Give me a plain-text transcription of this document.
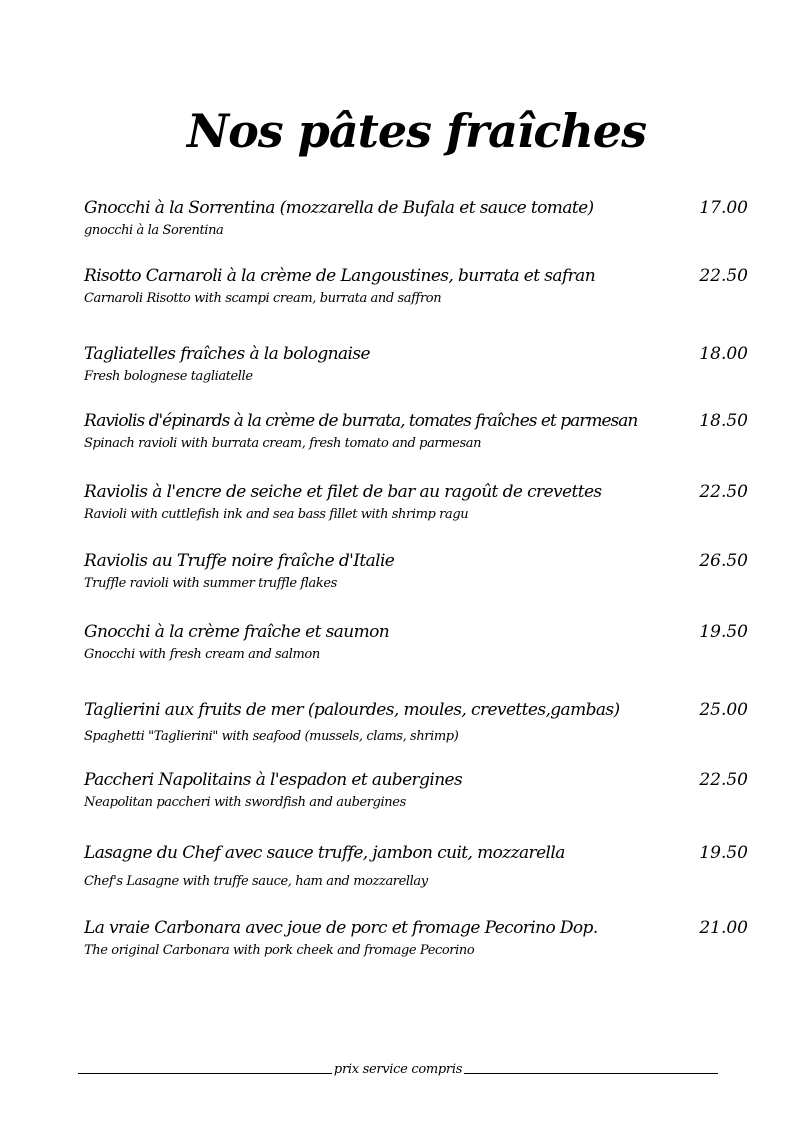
Nos pâtes fraîches
Gnocchi à la Sorrentina (mozzarella de Bufala et sauce tomate)	17.00
gnocchi à la Sorentina
Risotto Carnaroli à la crème de Langoustines, burrata et safran	22.50
Carnaroli Risotto with scampi cream, burrata and saffron
Tagliatelles fraîches à la bolognaise	18.00
Fresh bolognese tagliatelle
Raviolis d'épinards à la crème de burrata, tomates fraîches et parmesan	18.50
Spinach ravioli with burrata cream, fresh tomato and parmesan
Raviolis à l'encre de seiche et filet de bar au ragoût de crevettes	22.50
Ravioli with cuttlefish ink and sea bass fillet with shrimp ragu
Raviolis au Truffe noire fraîche d'Italie	26.50
Truffle ravioli with summer truffle flakes
Gnocchi à la crème fraîche et saumon	19.50
Gnocchi with fresh cream and salmon
Taglierini aux fruits de mer (palourdes, moules, crevettes,gambas)	25.00
Spaghetti "Taglierini" with seafood (mussels, clams, shrimp)
Paccheri Napolitains à l'espadon et aubergines	22.50
Neapolitan paccheri with swordfish and aubergines
Lasagne du Chef avec sauce truffe, jambon cuit, mozzarella	19.50
Chef's Lasagne with truffe sauce, ham and mozzarellay
La vraie Carbonara avec joue de porc et fromage Pecorino Dop.	21.00
The original Carbonara with pork cheek and fromage Pecorino
prix service compris
